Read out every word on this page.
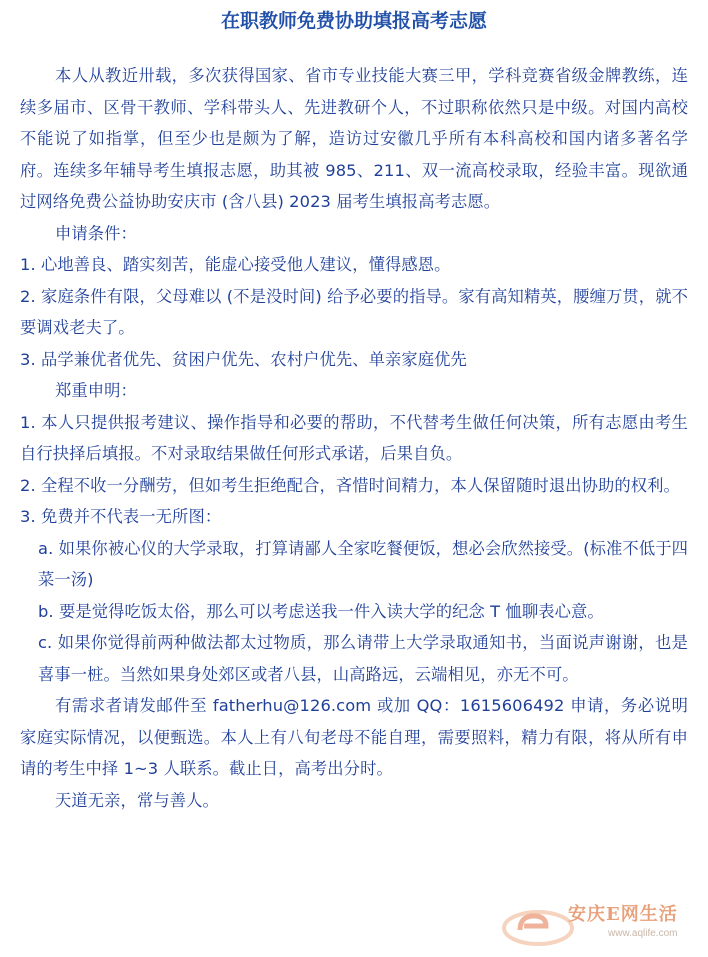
在职教师免费协助填报高考志愿

本人从教近卅载，多次获得国家、省市专业技能大赛三甲，学科竞赛省级金牌教练，连续多届市、区骨干教师、学科带头人、先进教研个人，不过职称依然只是中级。对国内高校不能说了如指掌，但至少也是颇为了解，造访过安徽几乎所有本科高校和国内诸多著名学府。连续多年辅导考生填报志愿，助其被 985、211、双一流高校录取，经验丰富。现欲通过网络免费公益协助安庆市 (含八县) 2023 届考生填报高考志愿。

申请条件：

1. 心地善良、踏实刻苦，能虚心接受他人建议，懂得感恩。

2. 家庭条件有限，父母难以 (不是没时间) 给予必要的指导。家有高知精英，腰缠万贯，就不要调戏老夫了。

3. 品学兼优者优先、贫困户优先、农村户优先、单亲家庭优先

郑重申明：

1. 本人只提供报考建议、操作指导和必要的帮助，不代替考生做任何决策，所有志愿由考生自行抉择后填报。不对录取结果做任何形式承诺，后果自负。

2. 全程不收一分酬劳，但如考生拒绝配合，吝惜时间精力，本人保留随时退出协助的权利。

3. 免费并不代表一无所图：

a. 如果你被心仪的大学录取，打算请鄙人全家吃餐便饭，想必会欣然接受。(标准不低于四菜一汤)

b. 要是觉得吃饭太俗，那么可以考虑送我一件入读大学的纪念 T 恤聊表心意。

c. 如果你觉得前两种做法都太过物质，那么请带上大学录取通知书，当面说声谢谢，也是喜事一桩。当然如果身处郊区或者八县，山高路远，云端相见，亦无不可。

有需求者请发邮件至 fatherhu@126.com 或加 QQ：1615606492 申请，务必说明家庭实际情况，以便甄选。本人上有八旬老母不能自理，需要照料，精力有限，将从所有申请的考生中择 1~3 人联系。截止日，高考出分时。

天道无亲，常与善人。

安庆E网生活
www.aqlife.com
